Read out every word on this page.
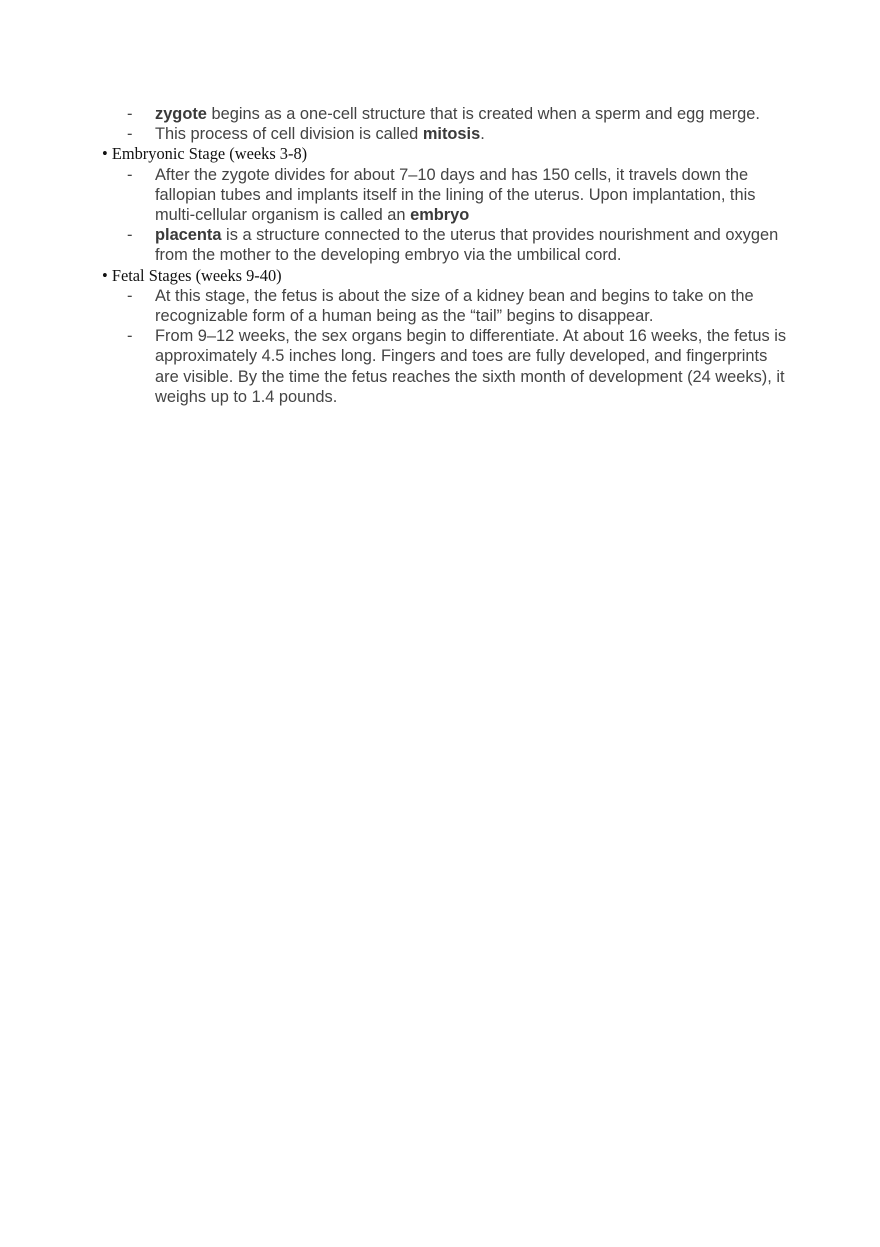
- zygote begins as a one-cell structure that is created when a sperm and egg merge.
- This process of cell division is called mitosis.

• Embryonic Stage (weeks 3-8)

- After the zygote divides for about 7–10 days and has 150 cells, it travels down the fallopian tubes and implants itself in the lining of the uterus. Upon implantation, this multi-cellular organism is called an embryo
- placenta is a structure connected to the uterus that provides nourishment and oxygen from the mother to the developing embryo via the umbilical cord.

• Fetal Stages (weeks 9-40)

- At this stage, the fetus is about the size of a kidney bean and begins to take on the recognizable form of a human being as the “tail” begins to disappear.
- From 9–12 weeks, the sex organs begin to differentiate. At about 16 weeks, the fetus is approximately 4.5 inches long. Fingers and toes are fully developed, and fingerprints are visible. By the time the fetus reaches the sixth month of development (24 weeks), it weighs up to 1.4 pounds.
